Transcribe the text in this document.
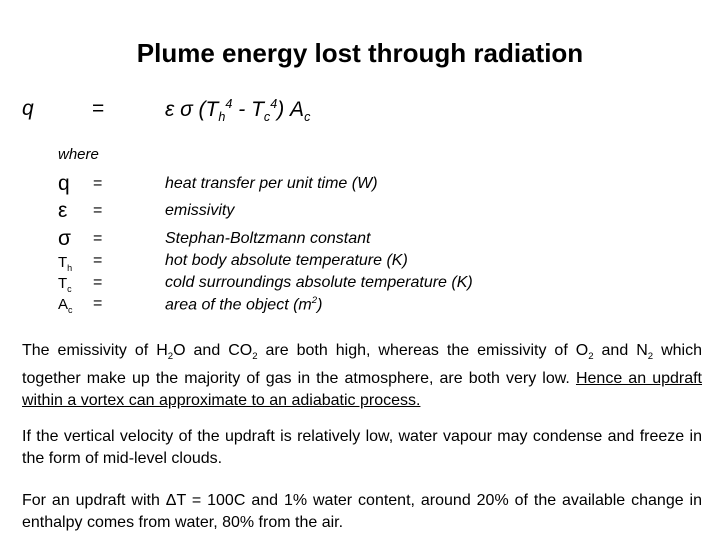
Plume energy lost through radiation
q	=	ε σ $(T_h^4 - T_c^4)$ $A_c$
where
q =	heat transfer per unit time (W)
ε =	emissivity
σ =	Stephan-Boltzmann constant
$T_h$ =	hot body absolute temperature (K)
$T_c$ =	cold surroundings absolute temperature (K)
$A_c$ =	area of the object $(m^2)$
The emissivity of $H_2O$ and $CO_2$ are both high, whereas the emissivity of $O_2$ and $N_2$ which together make up the majority of gas in the atmosphere, are both very low. Hence an updraft within a vortex can approximate to an adiabatic process.
If the vertical velocity of the updraft is relatively low, water vapour may condense and freeze in the form of mid-level clouds.
For an updraft with ΔT = 100C and 1% water content, around 20% of the available change in enthalpy comes from water, 80% from the air.
